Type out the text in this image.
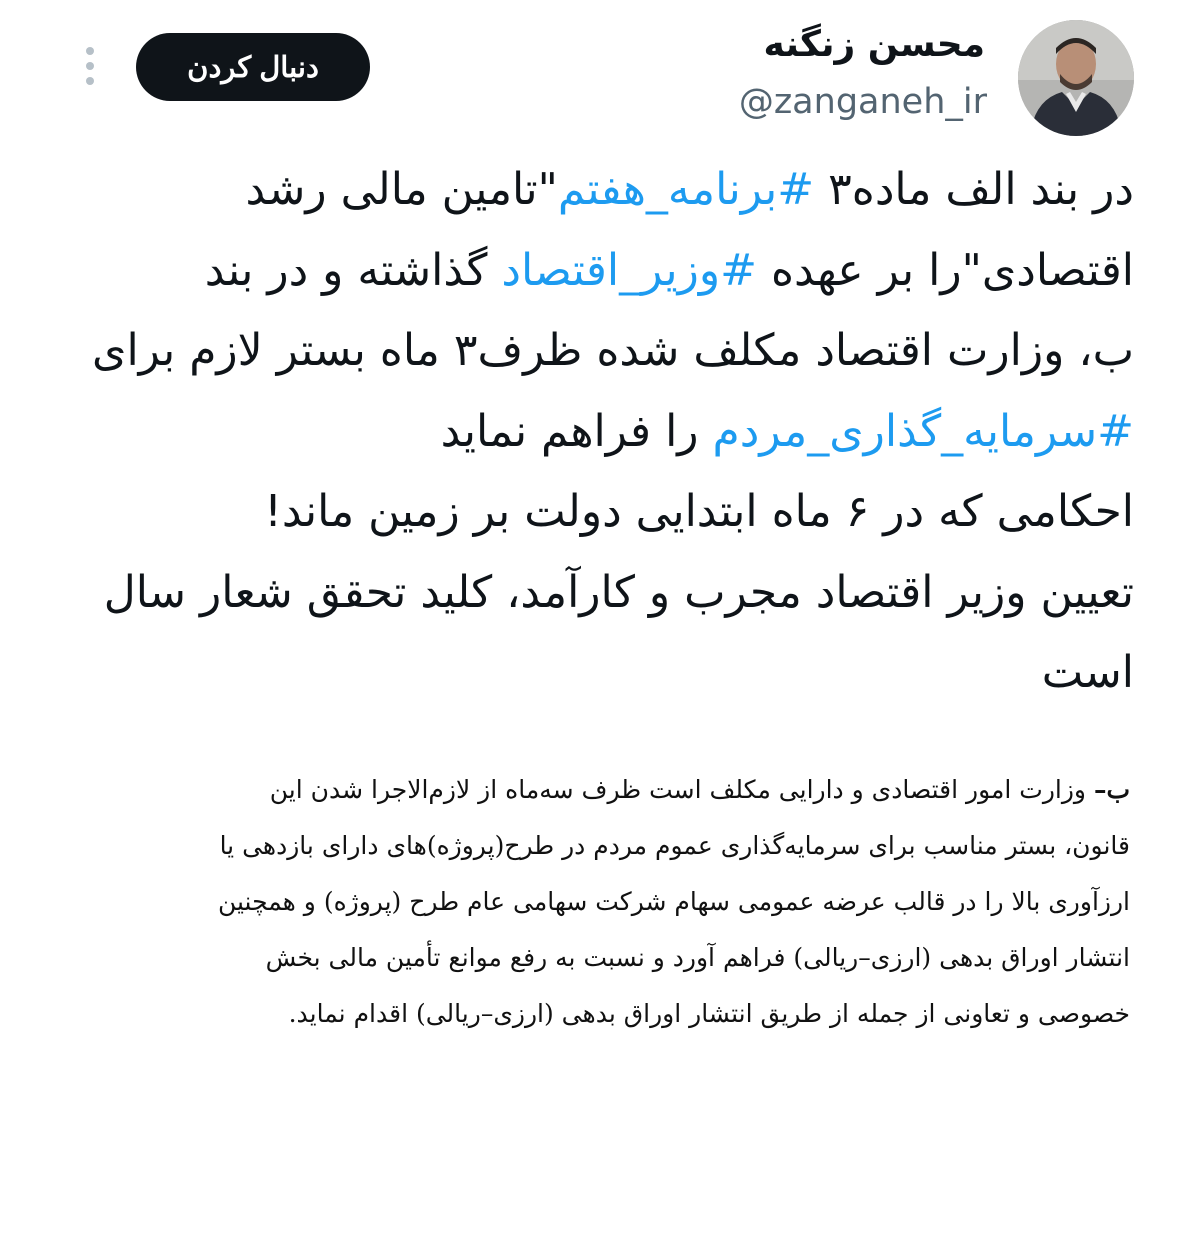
محسن زنگنه
@zanganeh_ir
دنبال کردن
در بند الف ماده۳ #برنامه_هفتم"تامین مالی رشد
اقتصادی"را بر عهده #وزیر_اقتصاد گذاشته و در بند
ب، وزارت اقتصاد مکلف شده ظرف۳ ماه بستر لازم برای
#سرمایه_گذاری_مردم را فراهم نماید
احکامی که در ۶ ماه ابتدایی دولت بر زمین ماند!
تعیین وزیر اقتصاد مجرب و کارآمد، کلید تحقق شعار سال
است
ب– وزارت امور اقتصادی و دارایی مکلف است ظرف سه‌ماه از لازم‌الاجرا شدن این
قانون، بستر مناسب برای سرمایه‌گذاری عموم مردم در طرح(پروژه)های دارای بازدهی یا
ارزآوری بالا را در قالب عرضه عمومی سهام شرکت سهامی عام طرح (پروژه) و همچنین
انتشار اوراق بدهی (ارزی–ریالی) فراهم آورد و نسبت به رفع موانع تأمین مالی بخش
خصوصی و تعاونی از جمله از طریق انتشار اوراق بدهی (ارزی–ریالی) اقدام نماید.
